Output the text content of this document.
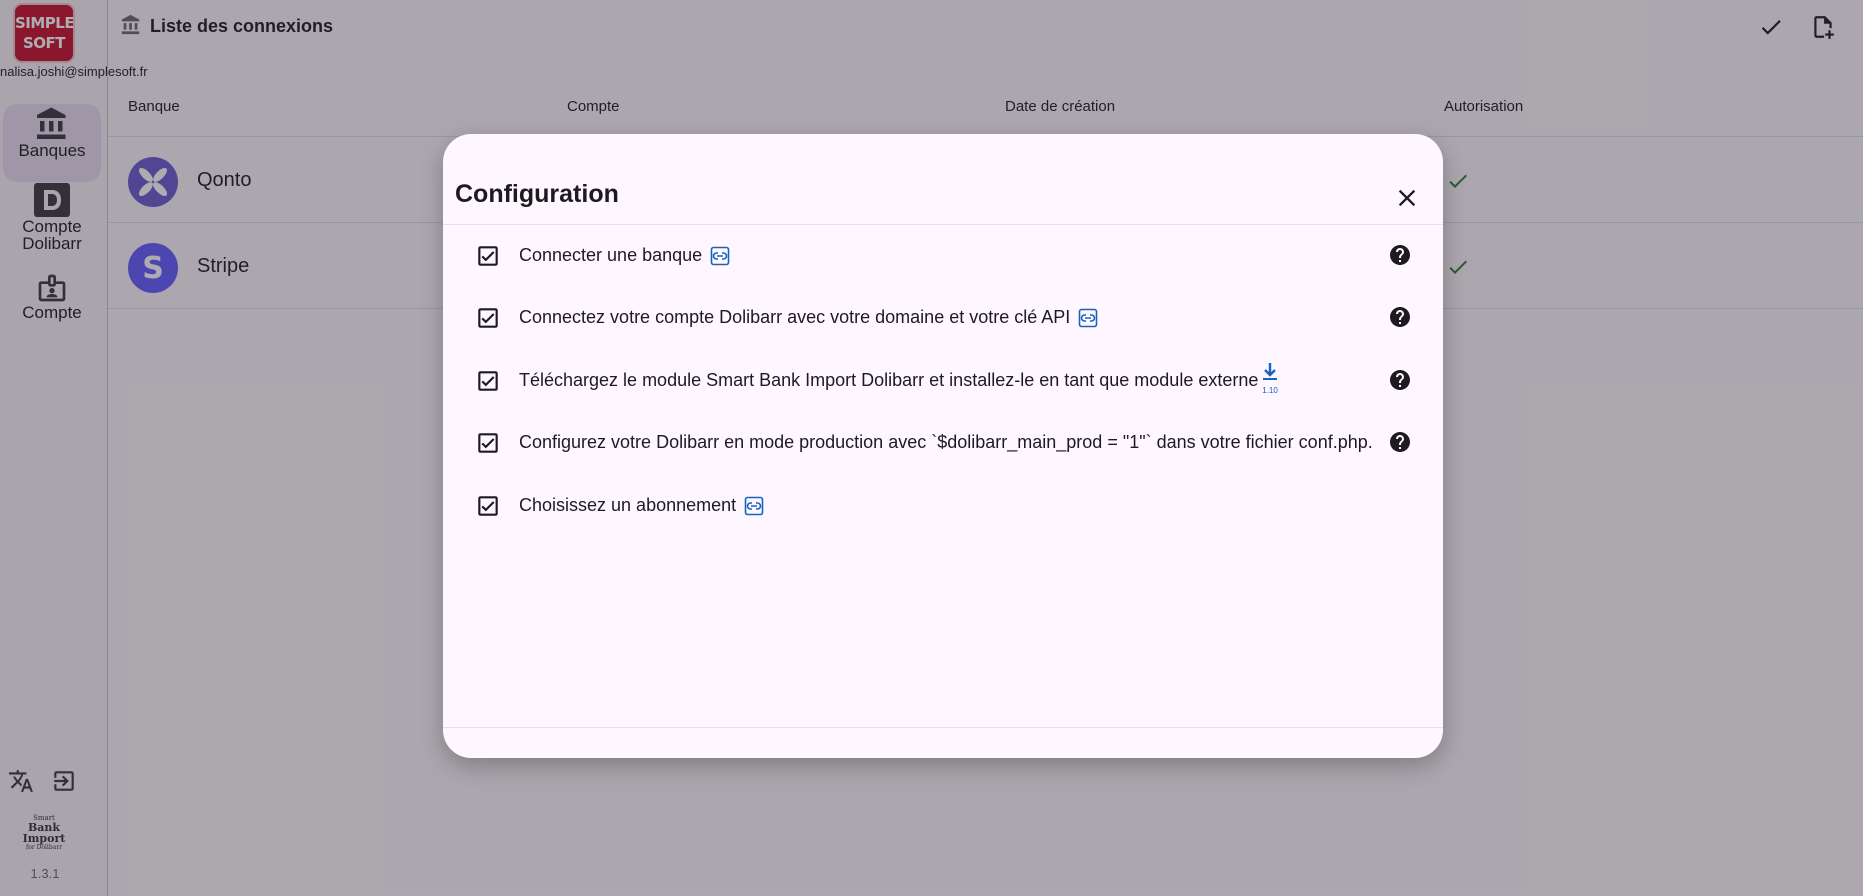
SIMPLE
SOFT
nalisa.joshi@simplesoft.fr
Banques
Compte Dolibarr
Compte
Smart
Bank Import
for Dolibarr
1.3.1
Liste des connexions
Banque	Compte	Date de création	Autorisation
Qonto
S Stripe
Configuration
Connecter une banque
Connectez votre compte Dolibarr avec votre domaine et votre clé API
Téléchargez le module Smart Bank Import Dolibarr et installez-le en tant que module externe
1.10
Configurez votre Dolibarr en mode production avec `$dolibarr_main_prod = "1"` dans votre fichier conf.php.
Choisissez un abonnement
